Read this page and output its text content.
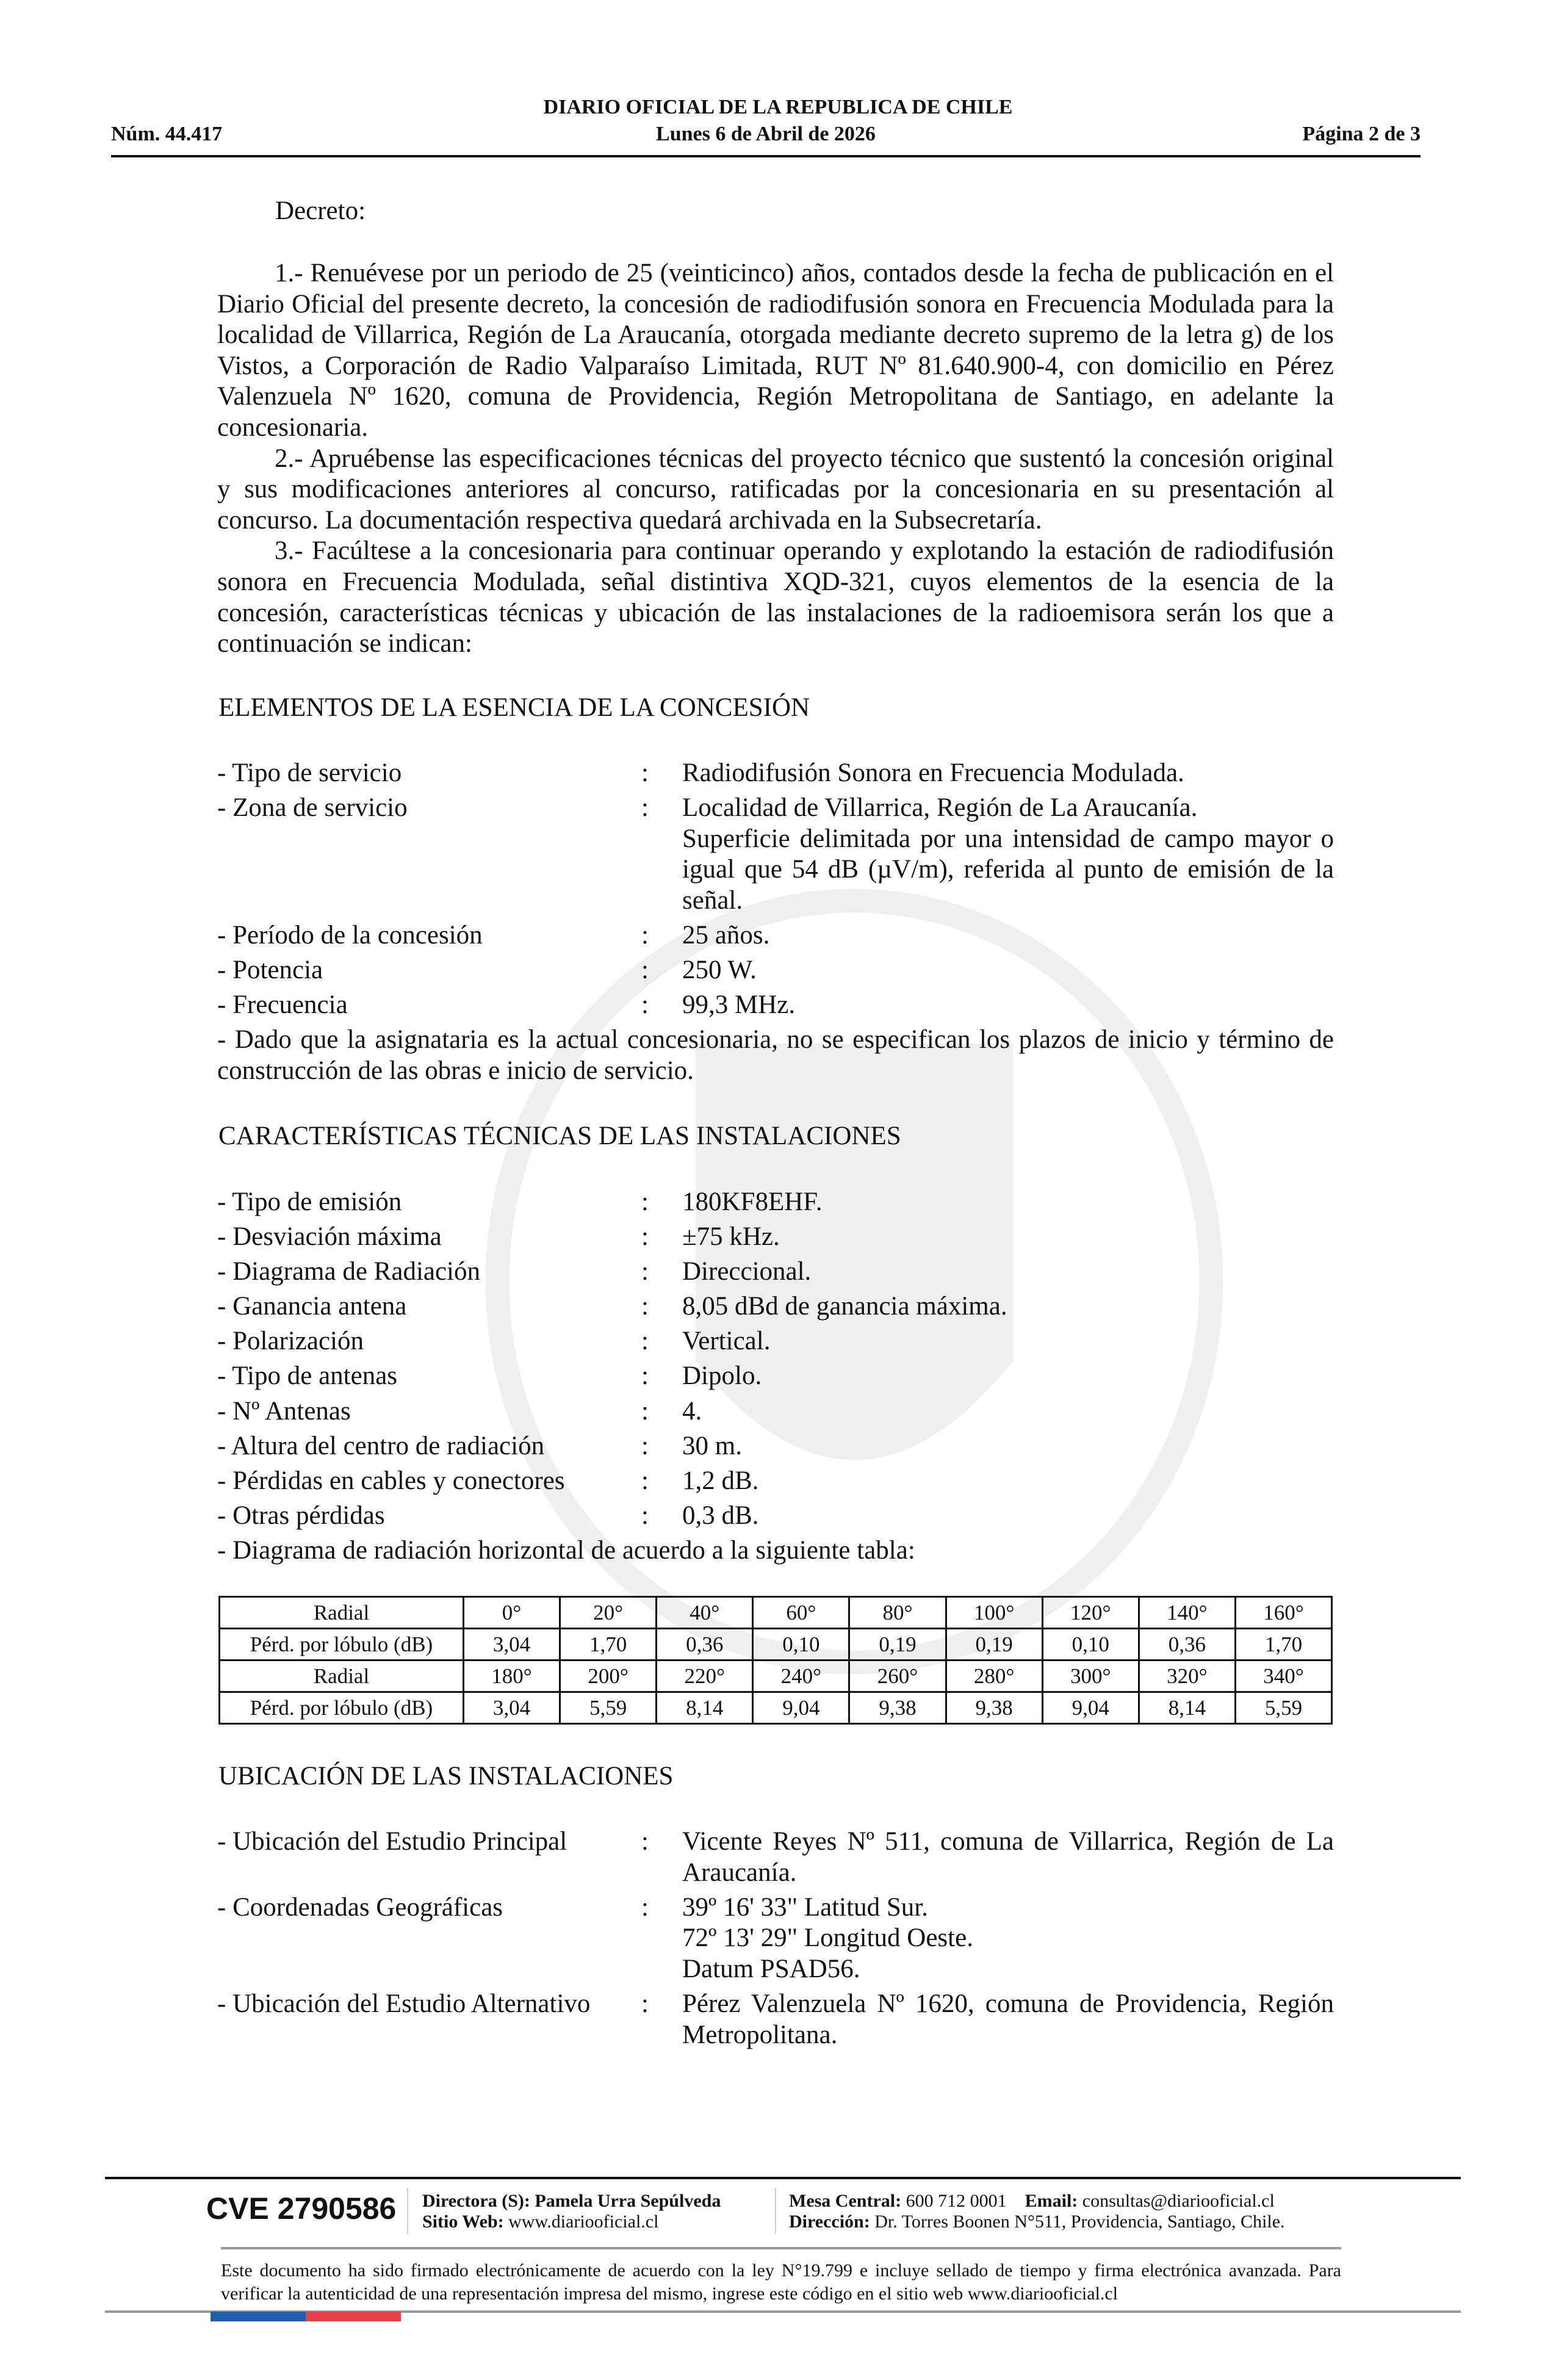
DIARIO OFICIAL DE LA REPUBLICA DE CHILE
Núm. 44.417	Lunes 6 de Abril de 2026	Página 2 de 3
Decreto:

1.- Renuévese por un periodo de 25 (veinticinco) años, contados desde la fecha de publicación en el Diario Oficial del presente decreto, la concesión de radiodifusión sonora en Frecuencia Modulada para la localidad de Villarrica, Región de La Araucanía, otorgada mediante decreto supremo de la letra g) de los Vistos, a Corporación de Radio Valparaíso Limitada, RUT Nº 81.640.900-4, con domicilio en Pérez Valenzuela Nº 1620, comuna de Providencia, Región Metropolitana de Santiago, en adelante la concesionaria.

2.- Apruébense las especificaciones técnicas del proyecto técnico que sustentó la concesión original y sus modificaciones anteriores al concurso, ratificadas por la concesionaria en su presentación al concurso. La documentación respectiva quedará archivada en la Subsecretaría.

3.- Facúltese a la concesionaria para continuar operando y explotando la estación de radiodifusión sonora en Frecuencia Modulada, señal distintiva XQD-321, cuyos elementos de la esencia de la concesión, características técnicas y ubicación de las instalaciones de la radioemisora serán los que a continuación se indican:

ELEMENTOS DE LA ESENCIA DE LA CONCESIÓN
- Tipo de servicio	:	Radiodifusión Sonora en Frecuencia Modulada.
- Zona de servicio	:	Localidad de Villarrica, Región de La Araucanía.
Superficie delimitada por una intensidad de campo mayor o igual que 54 dB (µV/m), referida al punto de emisión de la señal.
- Período de la concesión	:	25 años.
- Potencia	:	250 W.
- Frecuencia	:	99,3 MHz.

- Dado que la asignataria es la actual concesionaria, no se especifican los plazos de inicio y término de construcción de las obras e inicio de servicio.

CARACTERÍSTICAS TÉCNICAS DE LAS INSTALACIONES
- Tipo de emisión	:	180KF8EHF.
- Desviación máxima	:	±75 kHz.
- Diagrama de Radiación	:	Direccional.
- Ganancia antena	:	8,05 dBd de ganancia máxima.
- Polarización	:	Vertical.
- Tipo de antenas	:	Dipolo.
- Nº Antenas	:	4.
- Altura del centro de radiación	:	30 m.
- Pérdidas en cables y conectores	:	1,2 dB.
- Otras pérdidas	:	0,3 dB.

- Diagrama de radiación horizontal de acuerdo a la siguiente tabla:

Radial	0°	20°	40°	60°	80°	100°	120°	140°	160°
Pérd. por lóbulo (dB)	3,04	1,70	0,36	0,10	0,19	0,19	0,10	0,36	1,70
Radial	180°	200°	220°	240°	260°	280°	300°	320°	340°
Pérd. por lóbulo (dB)	3,04	5,59	8,14	9,04	9,38	9,38	9,04	8,14	5,59
UBICACIÓN DE LAS INSTALACIONES
- Ubicación del Estudio Principal	:	Vicente Reyes Nº 511, comuna de Villarrica, Región de La Araucanía.
- Coordenadas Geográficas	:	39º 16' 33" Latitud Sur.
72º 13' 29" Longitud Oeste.
Datum PSAD56.
- Ubicación del Estudio Alternativo	:	Pérez Valenzuela Nº 1620, comuna de Providencia, Región Metropolitana.
CVE 2790586 Directora (S): Pamela Urra Sepúlveda
Sitio Web: www.diariooficial.cl
Mesa Central: 600 712 0001 Email: consultas@diariooficial.cl
Dirección: Dr. Torres Boonen N°511, Providencia, Santiago, Chile.
Este documento ha sido firmado electrónicamente de acuerdo con la ley N°19.799 e incluye sellado de tiempo y firma electrónica avanzada. Para verificar la autenticidad de una representación impresa del mismo, ingrese este código en el sitio web www.diariooficial.cl
